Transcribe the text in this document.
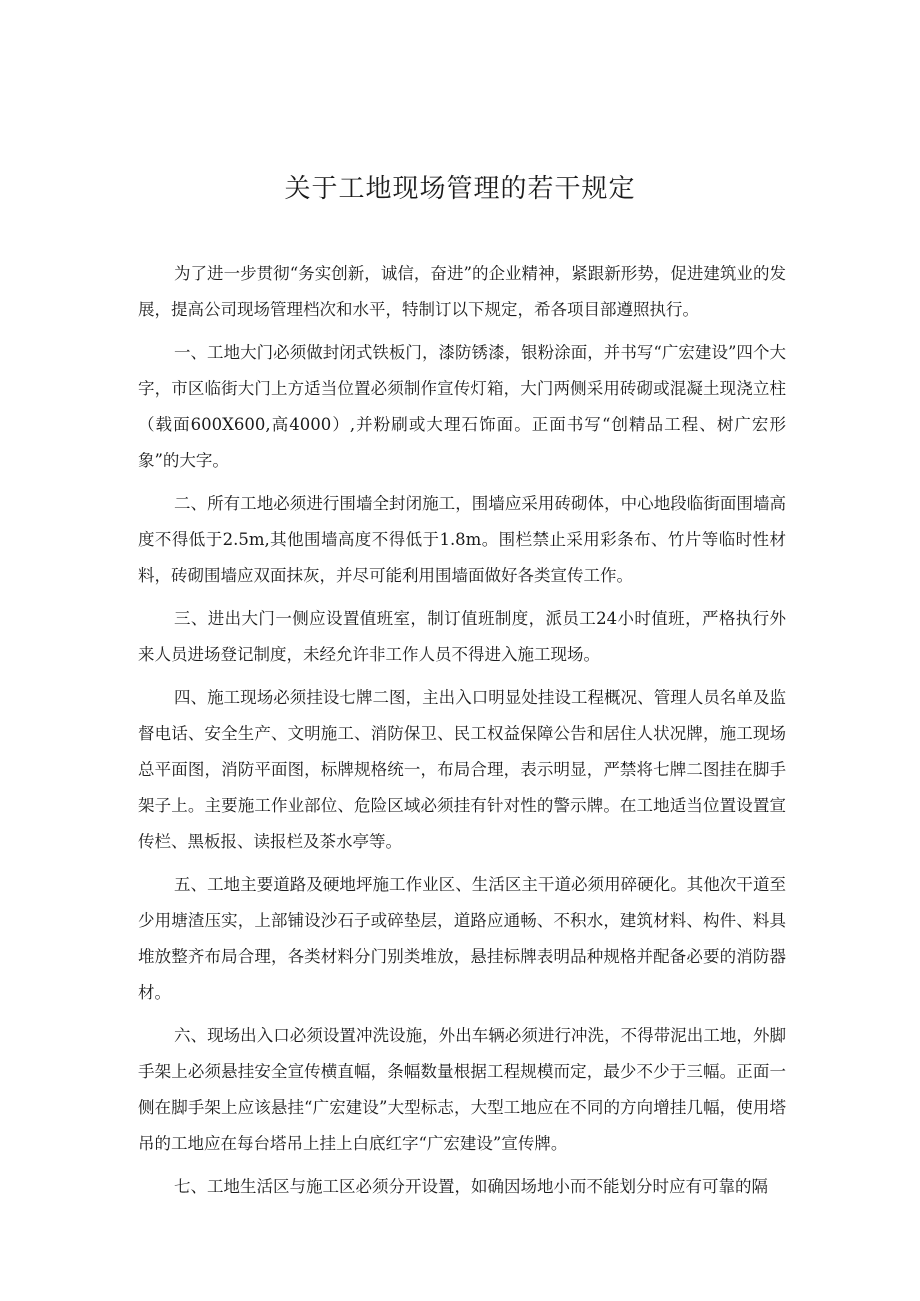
关于工地现场管理的若干规定

为了进一步贯彻“务实创新，诚信，奋进”的企业精神，紧跟新形势，促进建筑业的发展，提高公司现场管理档次和水平，特制订以下规定，希各项目部遵照执行。

一、工地大门必须做封闭式铁板门，漆防锈漆，银粉涂面，并书写“广宏建设”四个大字，市区临街大门上方适当位置必须制作宣传灯箱，大门两侧采用砖砌或混凝土现浇立柱（载面600X600,高4000）,并粉刷或大理石饰面。正面书写“创精品工程、树广宏形象”的大字。

二、所有工地必须进行围墙全封闭施工，围墙应采用砖砌体，中心地段临街面围墙高度不得低于2.5m,其他围墙高度不得低于1.8m。围栏禁止采用彩条布、竹片等临时性材料，砖砌围墙应双面抹灰，并尽可能利用围墙面做好各类宣传工作。

三、进出大门一侧应设置值班室，制订值班制度，派员工24小时值班，严格执行外来人员进场登记制度，未经允许非工作人员不得进入施工现场。

四、施工现场必须挂设七牌二图，主出入口明显处挂设工程概况、管理人员名单及监督电话、安全生产、文明施工、消防保卫、民工权益保障公告和居住人状况牌，施工现场总平面图，消防平面图，标牌规格统一，布局合理，表示明显，严禁将七牌二图挂在脚手架子上。主要施工作业部位、危险区域必须挂有针对性的警示牌。在工地适当位置设置宣传栏、黑板报、读报栏及茶水亭等。

五、工地主要道路及硬地坪施工作业区、生活区主干道必须用碎硬化。其他次干道至少用塘渣压实，上部铺设沙石子或碎垫层，道路应通畅、不积水，建筑材料、构件、料具堆放整齐布局合理，各类材料分门别类堆放，悬挂标牌表明品种规格并配备必要的消防器材。

六、现场出入口必须设置冲洗设施，外出车辆必须进行冲洗，不得带泥出工地，外脚手架上必须悬挂安全宣传横直幅，条幅数量根据工程规模而定，最少不少于三幅。正面一侧在脚手架上应该悬挂“广宏建设”大型标志，大型工地应在不同的方向增挂几幅，使用塔吊的工地应在每台塔吊上挂上白底红字“广宏建设”宣传牌。

七、工地生活区与施工区必须分开设置，如确因场地小而不能划分时应有可靠的隔
